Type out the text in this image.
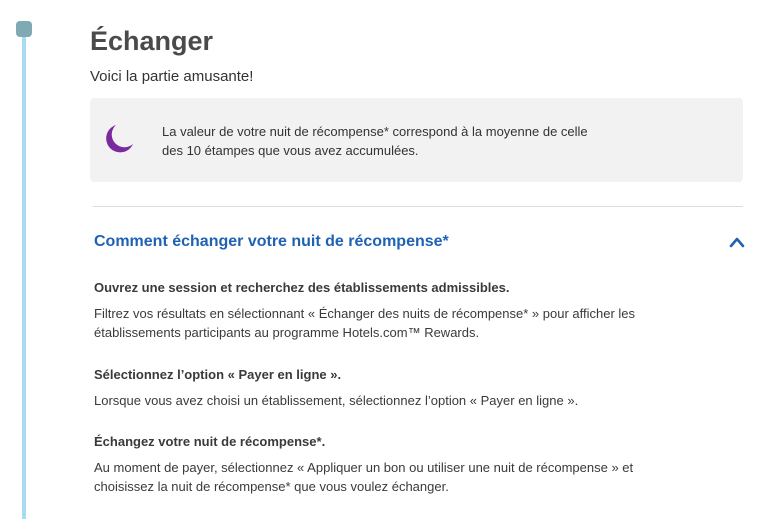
Échanger

Voici la partie amusante!

La valeur de votre nuit de récompense* correspond à la moyenne de celle
des 10 étampes que vous avez accumulées.
Comment échanger votre nuit de récompense*

Ouvrez une session et recherchez des établissements admissibles.

Filtrez vos résultats en sélectionnant « Échanger des nuits de récompense* » pour afficher les
établissements participants au programme Hotels.com™ Rewards.

Sélectionnez l’option « Payer en ligne ».

Lorsque vous avez choisi un établissement, sélectionnez l’option « Payer en ligne ».

Échangez votre nuit de récompense*.

Au moment de payer, sélectionnez « Appliquer un bon ou utiliser une nuit de récompense » et
choisissez la nuit de récompense* que vous voulez échanger.
